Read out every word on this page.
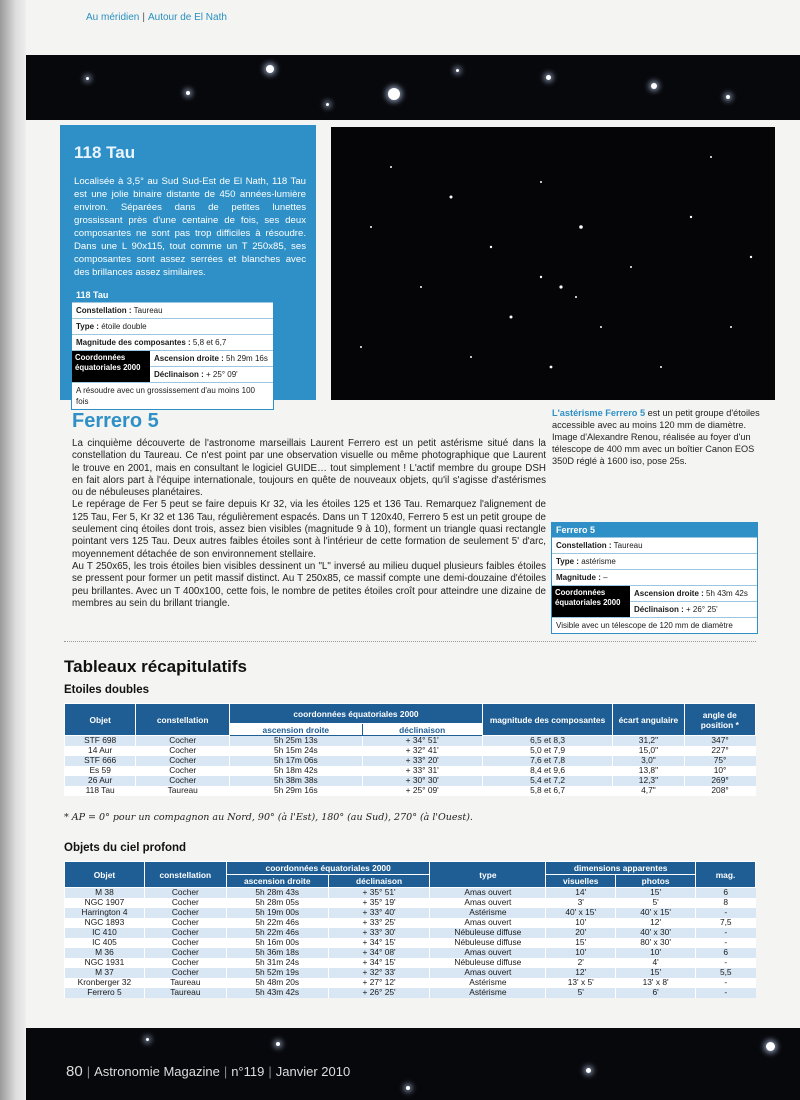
Au méridien | Autour de El Nath
118 Tau

Localisée à 3,5° au Sud Sud-Est de El Nath, 118 Tau est une jolie binaire distante de 450 années-lumière environ. Séparées dans de petites lunettes grossissant près d'une centaine de fois, ses deux composantes ne sont pas trop difficiles à résoudre. Dans une L 90x115, tout comme un T 250x85, ses composantes sont assez serrées et blanches avec des brillances assez similaires.

118 Tau
Constellation : Taureau
Type : étoile double
Magnitude des composantes : 5,8 et 6,7
Coordonnées équatoriales 2000
Ascension droite : 5h 29m 16s
Déclinaison : + 25° 09'
A résoudre avec un grossissement d'au moins 100 fois
Ferrero 5

La cinquième découverte de l'astronome marseillais Laurent Ferrero est un petit astérisme situé dans la constellation du Taureau. Ce n'est point par une observation visuelle ou même photographique que Laurent le trouve en 2001, mais en consultant le logiciel GUIDE… tout simplement ! L'actif membre du groupe DSH en fait alors part à l'équipe internationale, toujours en quête de nouveaux objets, qu'il s'agisse d'astérismes ou de nébuleuses planétaires.

Le repérage de Fer 5 peut se faire depuis Kr 32, via les étoiles 125 et 136 Tau. Remarquez l'alignement de 125 Tau, Fer 5, Kr 32 et 136 Tau, régulièrement espacés. Dans un T 120x40, Ferrero 5 est un petit groupe de seulement cinq étoiles dont trois, assez bien visibles (magnitude 9 à 10), forment un triangle quasi rectangle pointant vers 125 Tau. Deux autres faibles étoiles sont à l'intérieur de cette formation de seulement 5' d'arc, moyennement détachée de son environnement stellaire.

Au T 250x65, les trois étoiles bien visibles dessinent un "L" inversé au milieu duquel plusieurs faibles étoiles se pressent pour former un petit massif distinct. Au T 250x85, ce massif compte une demi-douzaine d'étoiles peu brillantes. Avec un T 400x100, cette fois, le nombre de petites étoiles croît pour atteindre une dizaine de membres au sein du brillant triangle.

L'astérisme Ferrero 5 est un petit groupe d'étoiles accessible avec au moins 120 mm de diamètre. Image d'Alexandre Renou, réalisée au foyer d'un télescope de 400 mm avec un boîtier Canon EOS 350D réglé à 1600 iso, pose 25s.
Ferrero 5
Constellation : Taureau
Type : astérisme
Magnitude : –
Coordonnées équatoriales 2000
Ascension droite : 5h 43m 42s
Déclinaison : + 26° 25'
Visible avec un télescope de 120 mm de diamètre
Tableaux récapitulatifs
Etoiles doubles
Objet	constellation	coordonnées équatoriales 2000		magnitude des composantes	écart angulaire	angle de position *
		ascension droite	déclinaison			
STF 698	Cocher	5h 25m 13s	+ 34° 51'	6,5 et 8,3	31,2"	347°
14 Aur	Cocher	5h 15m 24s	+ 32° 41'	5,0 et 7,9	15,0"	227°
STF 666	Cocher	5h 17m 06s	+ 33° 20'	7,6 et 7,8	3,0"	75°
Es 59	Cocher	5h 18m 42s	+ 33° 31'	8,4 et 9,6	13,8"	10°
26 Aur	Cocher	5h 38m 38s	+ 30° 30'	5,4 et 7,2	12,3"	269°
118 Tau	Taureau	5h 29m 16s	+ 25° 09'	5,8 et 6,7	4,7"	208°
* AP = 0° pour un compagnon au Nord, 90° (à l'Est), 180° (au Sud), 270° (à l'Ouest).
Objets du ciel profond
Objet	constellation	coordonnées équatoriales 2000		type	dimensions apparentes		mag.
		ascension droite	déclinaison		visuelles	photos	
M 38	Cocher	5h 28m 43s	+ 35° 51'	Amas ouvert	14'	15'	6
NGC 1907	Cocher	5h 28m 05s	+ 35° 19'	Amas ouvert	3'	5'	8
Harrington 4	Cocher	5h 19m 00s	+ 33° 40'	Astérisme	40' x 15'	40' x 15'	-
NGC 1893	Cocher	5h 22m 46s	+ 33° 25'	Amas ouvert	10'	12'	7,5
IC 410	Cocher	5h 22m 46s	+ 33° 30'	Nébuleuse diffuse	20'	40' x 30'	-
IC 405	Cocher	5h 16m 00s	+ 34° 15'	Nébuleuse diffuse	15'	80' x 30'	-
M 36	Cocher	5h 36m 18s	+ 34° 08'	Amas ouvert	10'	10'	6
NGC 1931	Cocher	5h 31m 24s	+ 34° 15'	Nébuleuse diffuse	2'	4'	-
M 37	Cocher	5h 52m 19s	+ 32° 33'	Amas ouvert	12'	15'	5,5
Kronberger 32	Taureau	5h 48m 20s	+ 27° 12'	Astérisme	13' x 5'	13' x 8'	-
Ferrero 5	Taureau	5h 43m 42s	+ 26° 25'	Astérisme	5'	6'	-
80 | Astronomie Magazine | n°119 | Janvier 2010
